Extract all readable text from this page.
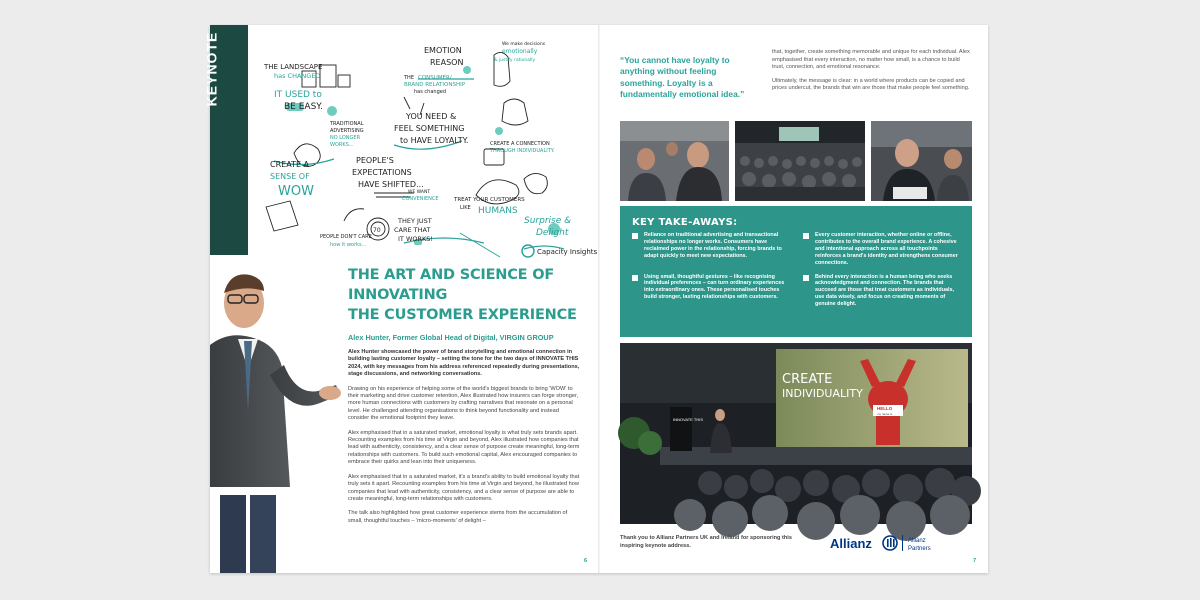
KEYNOTE	THE LANDSCAPE
has CHANGED
IT USED to
BE EASY.
EMOTION
REASON
We make decisions
emotionally
& justify rationally
THE CONSUMER/
BRAND RELATIONSHIP
has changed
TRADITIONAL
ADVERTISING
NO LONGER
WORKS...
YOU NEED &
FEEL SOMETHING
to HAVE LOYALTY.	CREATE A CONNECTION
THROUGH INDIVIDUALITY.
CREATE A
SENSE OF
WOW
PEOPLE'S
EXPECTATIONS
HAVE SHIFTED...
WE WANT
CONVENIENCE	TREAT YOUR CUSTOMERS
LIKE HUMANS
THEY JUST
CARE THAT
IT WORKS!
PEOPLE DON'T CARE
how it works...
70
Surprise &
Delight
Capacity Insights
THE ART AND SCIENCE OF INNOVATING
THE CUSTOMER EXPERIENCE
Alex Hunter, Former Global Head of Digital, VIRGIN GROUP

Alex Hunter showcased the power of brand storytelling and emotional connection in building lasting customer loyalty – setting the tone for the two days of INNOVATE THIS 2024, with key messages from his address referenced repeatedly during presentations, stage discussions, and networking conversations.

Drawing on his experience of helping some of the world's biggest brands to bring 'WOW' to their marketing and drive customer retention, Alex illustrated how insurers can forge stronger, more human connections with customers by crafting narratives that resonate on a personal level. He challenged attending organisations to think beyond functionality and instead consider the emotional footprint they leave.

Alex emphasised that in a saturated market, emotional loyalty is what truly sets brands apart. Recounting examples from his time at Virgin and beyond, Alex illustrated how companies that lead with authenticity, consistency, and a clear sense of purpose create meaningful, long-term relationships with customers. To build such emotional capital, Alex encouraged companies to embrace their quirks and lean into their uniqueness.

Alex emphasised that in a saturated market, it's a brand's ability to build emotional loyalty that truly sets it apart. Recounting examples from his time at Virgin and beyond, he illustrated how companies that lead with authenticity, consistency, and a clear sense of purpose are able to create meaningful, long-term relationships with customers.

The talk also highlighted how great customer experience stems from the accumulation of small, thoughtful touches – 'micro-moments' of delight –

6
“You cannot have loyalty to anything without feeling something. Loyalty is a fundamentally emotional idea.”

that, together, create something memorable and unique for each individual. Alex emphasised that every interaction, no matter how small, is a chance to build trust, connection, and emotional resonance.

Ultimately, the message is clear: in a world where products can be copied and prices undercut, the brands that win are those that make people feel something.

KEY TAKE-AWAYS:
Reliance on traditional advertising and transactional relationships no longer works. Consumers have reclaimed power in the relationship, forcing brands to adapt quickly to meet new expectations.
Every customer interaction, whether online or offline, contributes to the overall brand experience. A cohesive and intentional approach across all touchpoints reinforces a brand's identity and strengthens consumer connections.
Using small, thoughtful gestures – like recognising individual preferences – can turn ordinary experiences into extraordinary ones. These personalised touches build stronger, lasting relationships with customers.
Behind every interaction is a human being who seeks acknowledgment and connection. The brands that succeed are those that treat customers as individuals, use data wisely, and focus on creating moments of genuine delight.
CREATE
INDIVIDUALITY
HELLO
my name is
INNOVATE THIS
Thank you to Allianz Partners UK and Ireland for sponsoring this inspiring keynote address.	Allianz	Allianz
Partners
7
